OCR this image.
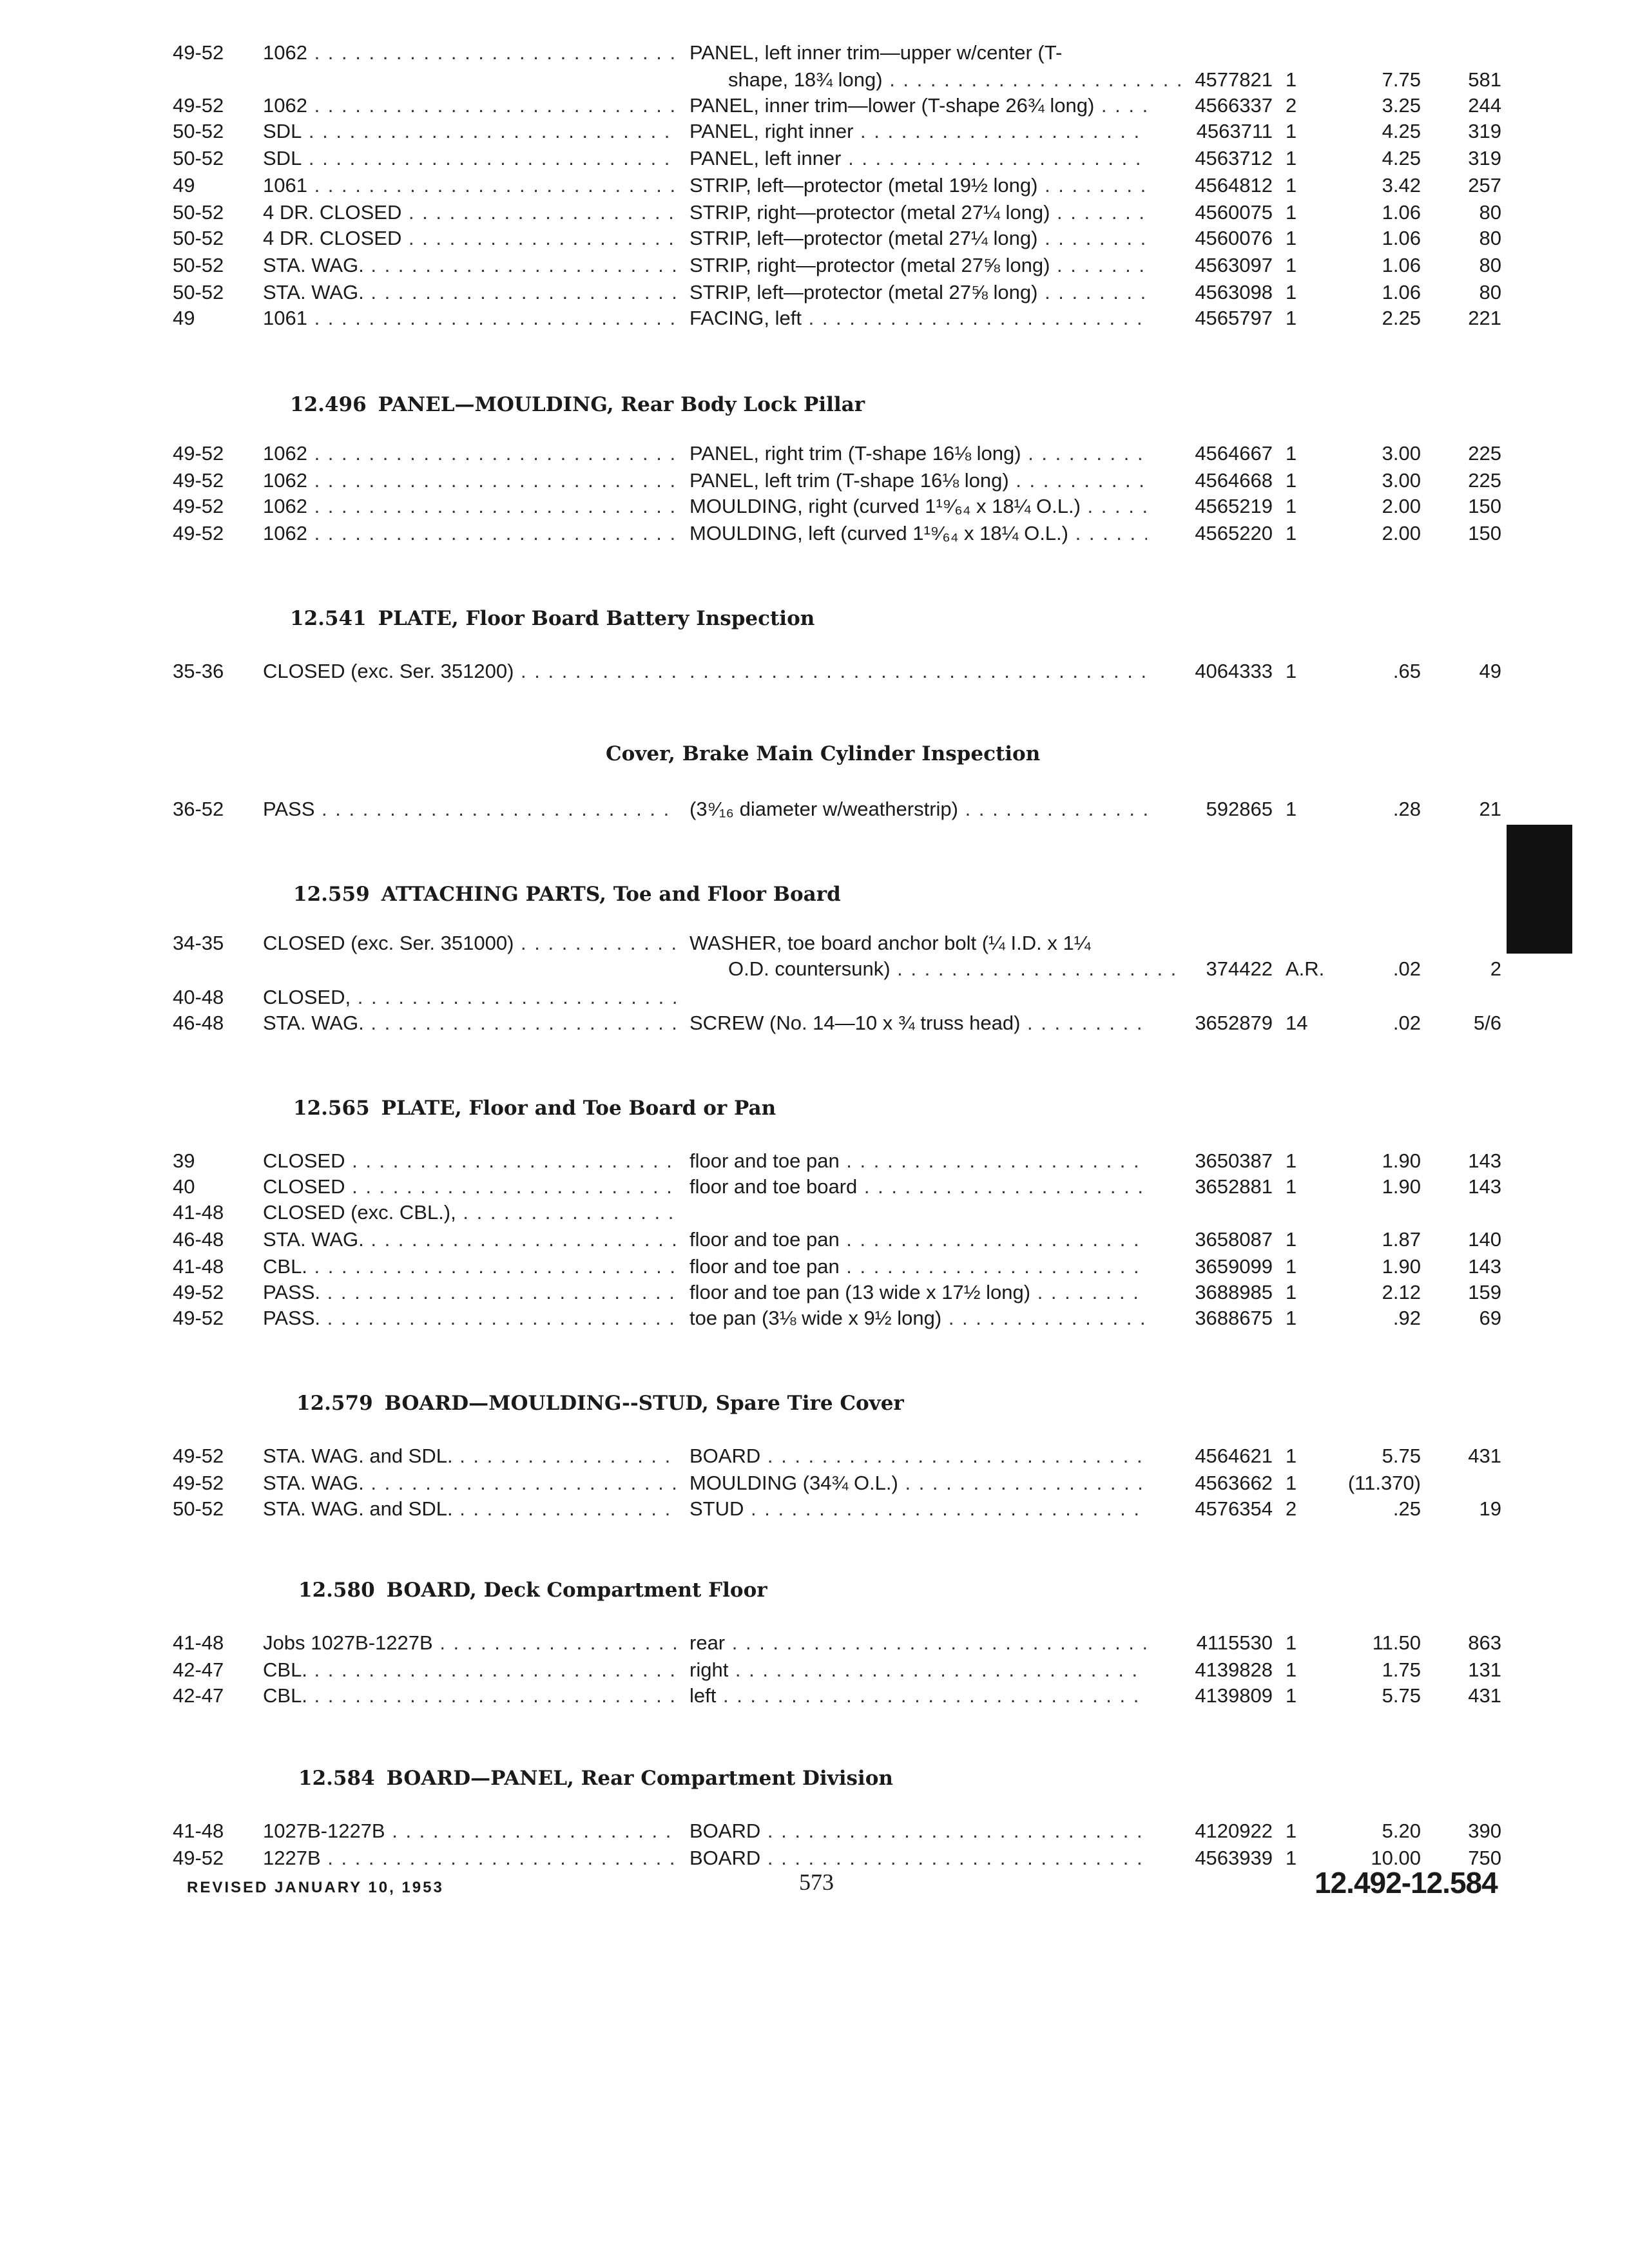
49-52	1062 . . .	PANEL, left inner trim—upper w/center (T-
shape, 18¾ long) . . .	4577821 1	7.75	581
49-52	1062 . . .	PANEL, inner trim—lower (T-shape 26¾ long) . . .	4566337 2	3.25	244
50-52	SDL . . .	PANEL, right inner . . .	4563711 1	4.25	319
50-52	SDL . . .	PANEL, left inner . . .	4563712 1	4.25	319
49	1061 . . .	STRIP, left—protector (metal 19½ long) . . .	4564812 1	3.42	257
50-52	4 DR. CLOSED . . .	STRIP, right—protector (metal 27¼ long) . . .	4560075 1	1.06	80
50-52	4 DR. CLOSED . . .	STRIP, left—protector (metal 27¼ long) . . .	4560076 1	1.06	80
50-52	STA. WAG. . . .	STRIP, right—protector (metal 27⅝ long) . . .	4563097 1	1.06	80
50-52	STA. WAG. . . .	STRIP, left—protector (metal 27⅝ long) . . .	4563098 1	1.06	80
49	1061 . . .	FACING, left . . .	4565797 1	2.25	221
12.496 PANEL—MOULDING, Rear Body Lock Pillar
49-52	1062 . . .	PANEL, right trim (T-shape 16⅛ long) . . .	4564667 1	3.00	225
49-52	1062 . . .	PANEL, left trim (T-shape 16⅛ long) . . .	4564668 1	3.00	225
49-52	1062 . . .	MOULDING, right (curved 1¹⁹⁄₆₄ x 18¼ O.L.) . . .	4565219 1	2.00	150
49-52	1062 . . .	MOULDING, left (curved 1¹⁹⁄₆₄ x 18¼ O.L.) . . .	4565220 1	2.00	150
12.541 PLATE, Floor Board Battery Inspection
35-36	CLOSED (exc. Ser. 351200) . . .
. . .	4064333 1	.65	49
Cover, Brake Main Cylinder Inspection
36-52	PASS . . .	(3⁹⁄₁₆ diameter w/weatherstrip) . . .	592865 1	.28	21
12.559 ATTACHING PARTS, Toe and Floor Board
34-35	CLOSED (exc. Ser. 351000) . . .	WASHER, toe board anchor bolt (¼ I.D. x 1¼
O.D. countersunk) . . .	374422 A.R.	.02	2
40-48	CLOSED, . . .
46-48	STA. WAG. . . .	SCREW (No. 14—10 x ¾ truss head) . . .	3652879 14	.02	5/6
12.565 PLATE, Floor and Toe Board or Pan
39	CLOSED . . .	floor and toe pan . . .	3650387 1	1.90	143
40	CLOSED . . .	floor and toe board . . .	3652881 1	1.90	143
41-48	CLOSED (exc. CBL.), . . .
46-48	STA. WAG. . . .	floor and toe pan . . .	3658087 1	1.87	140
41-48	CBL. . . .	floor and toe pan . . .	3659099 1	1.90	143
49-52	PASS. . . .	floor and toe pan (13 wide x 17½ long) . . .	3688985 1	2.12	159
49-52	PASS. . . .	toe pan (3⅛ wide x 9½ long) . . .	3688675 1	.92	69
12.579 BOARD—MOULDING--STUD, Spare Tire Cover
49-52	STA. WAG. and SDL. . . .	BOARD . . .	4564621 1	5.75	431
49-52	STA. WAG. . . .	MOULDING (34¾ O.L.) . . .	4563662 1	(11.370)
50-52	STA. WAG. and SDL. . . .	STUD . . .	4576354 2	.25	19
12.580 BOARD, Deck Compartment Floor
41-48	Jobs 1027B-1227B . . .	rear . . .	4115530 1	11.50	863
42-47	CBL. . . .	right . . .	4139828 1	1.75	131
42-47	CBL. . . .	left . . .	4139809 1	5.75	431
12.584 BOARD—PANEL, Rear Compartment Division
41-48	1027B-1227B . . .	BOARD . . .	4120922 1	5.20	390
49-52	1227B . . .	BOARD . . .	4563939 1	10.00	750
REVISED JANUARY 10, 1953	573	12.492-12.584
